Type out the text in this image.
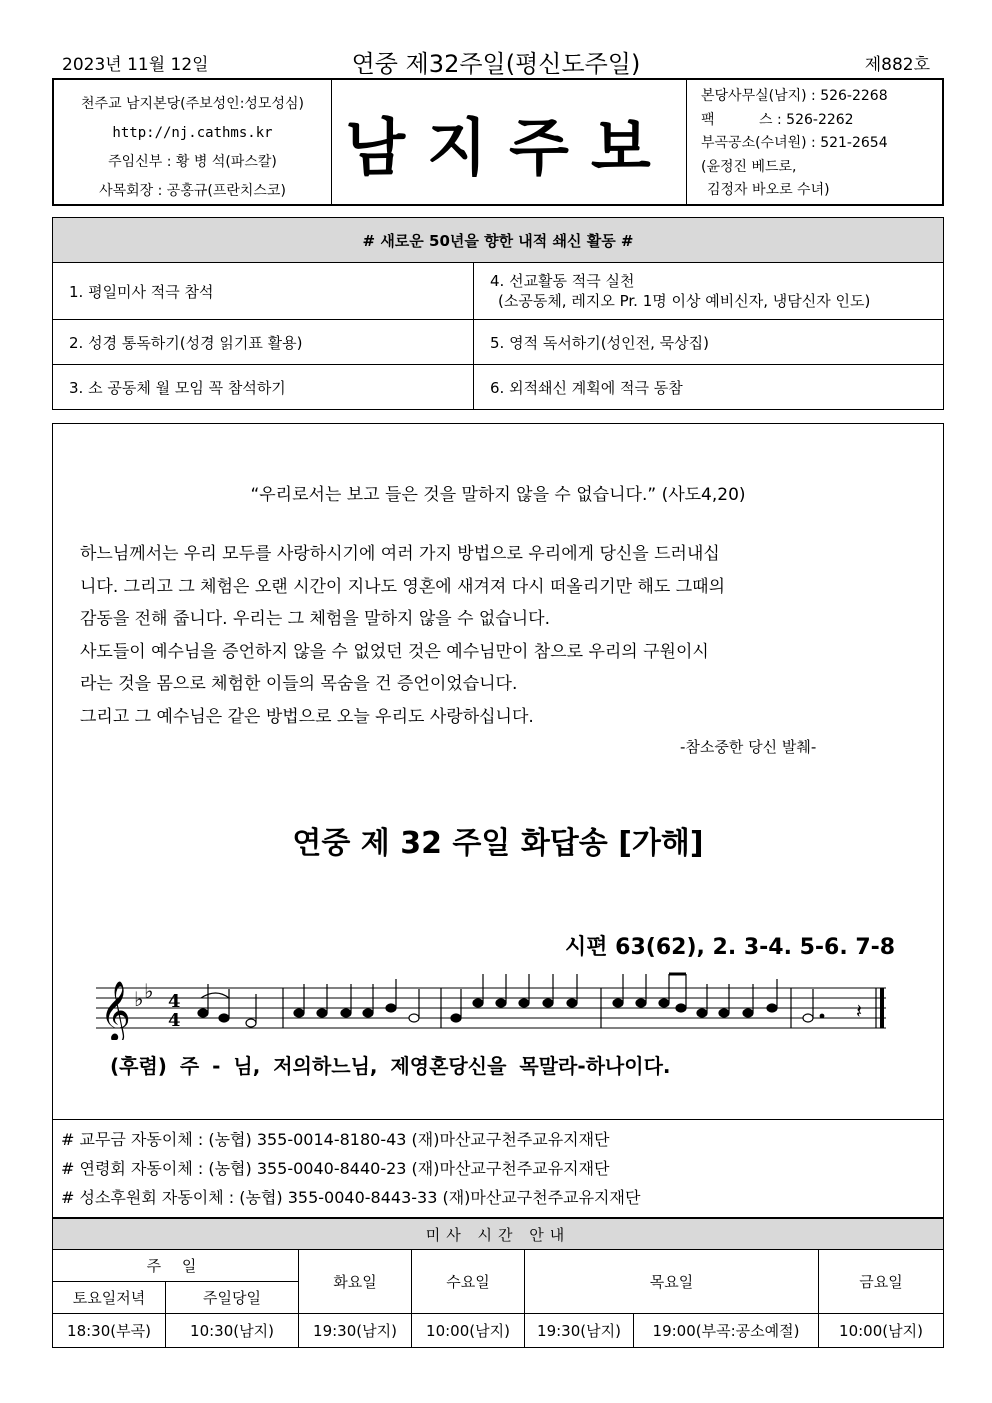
2023년 11월 12일	연중 제32주일(평신도주일)	제882호
천주교 남지본당(주보성인:성모성심)
http://nj.cathms.kr
주임신부 : 황 병 석(파스칼)
사목회장 : 공홍규(프란치스코)
남지주보
본당사무실(남지) : 526-2268
팩          스 : 526-2262
부곡공소(수녀원) : 521-2654
(윤정진 베드로,
김정자 바오로 수녀)
# 새로운 50년을 향한 내적 쇄신 활동 #	
1. 평일미사 적극 참석	4. 선교활동 적극 실천
(소공동체, 레지오 Pr. 1명 이상 예비신자, 냉담신자 인도)

2. 성경 통독하기(성경 읽기표 활용)	5. 영적 독서하기(성인전, 묵상집)
3. 소 공동체 월 모임 꼭 참석하기	6. 외적쇄신 계획에 적극 동참
“우리로서는 보고 들은 것을 말하지 않을 수 없습니다.” (사도4,20)

하느님께서는 우리 모두를 사랑하시기에 여러 가지 방법으로 우리에게 당신을 드러내십

니다. 그리고 그 체험은 오랜 시간이 지나도 영혼에 새겨져 다시 떠올리기만 해도 그때의

감동을 전해 줍니다. 우리는 그 체험을 말하지 않을 수 없습니다.

사도들이 예수님을 증언하지 않을 수 없었던 것은 예수님만이 참으로 우리의 구원이시

라는 것을 몸으로 체험한 이들의 목숨을 건 증언이었습니다.

그리고 그 예수님은 같은 방법으로 오늘 우리도 사랑하십니다.

-참소중한 당신 발췌-
연중 제 32 주일 화답송 [가해]
시편 63(62), 2. 3-4. 5-6. 7-8
𝄞 ♭ ♭ 4
4	𝄽
(후렴) 주 - 님, 저의하느님, 제영혼당신을 목말라-하나이다.
# 교무금 자동이체 : (농협) 355-0014-8180-43 (재)마산교구천주교유지재단
# 연령회 자동이체 : (농협) 355-0040-8440-23 (재)마산교구천주교유지재단
# 성소후원회 자동이체 : (농협) 355-0040-8443-33 (재)마산교구천주교유지재단
미사 시간 안내						
주 일		화요일	수요일	목요일		금요일
토요일저녁	주일당일					
18:30(부곡)	10:30(남지)	19:30(남지)	10:00(남지)	19:30(남지)	19:00(부곡:공소예절)	10:00(남지)
